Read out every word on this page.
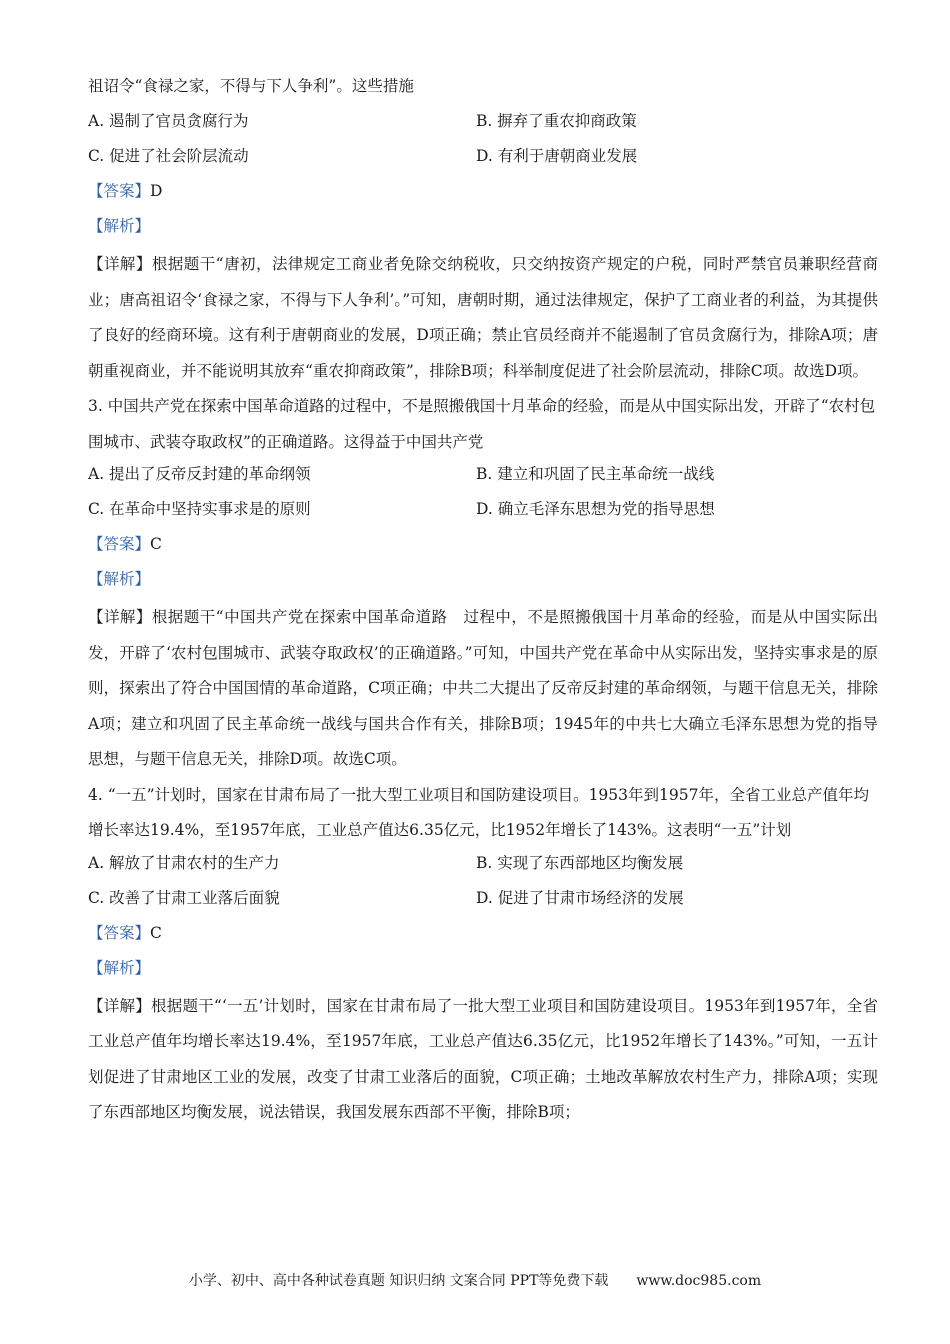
祖诏令“食禄之家，不得与下人争利”。这些措施
A. 遏制了官员贪腐行为	B. 摒弃了重农抑商政策
C. 促进了社会阶层流动	D. 有利于唐朝商业发展
【答案】D
【解析】
【详解】根据题干“唐初，法律规定工商业者免除交纳税收，只交纳按资产规定的户税，同时严禁官员兼职经营商业；唐高祖诏令‘食禄之家，不得与下人争利’。”可知，唐朝时期，通过法律规定，保护了工商业者的利益，为其提供了良好的经商环境。这有利于唐朝商业的发展，D项正确；禁止官员经商并不能遏制了官员贪腐行为，排除A项；唐朝重视商业，并不能说明其放弃“重农抑商政策”，排除B项；科举制度促进了社会阶层流动，排除C项。故选D项。
3. 中国共产党在探索中国革命道路的过程中，不是照搬俄国十月革命的经验，而是从中国实际出发，开辟了“农村包围城市、武装夺取政权”的正确道路。这得益于中国共产党
A. 提出了反帝反封建的革命纲领	B. 建立和巩固了民主革命统一战线
C. 在革命中坚持实事求是的原则	D. 确立毛泽东思想为党的指导思想
【答案】C
【解析】
【详解】根据题干“中国共产党在探索中国革命道路　过程中，不是照搬俄国十月革命的经验，而是从中国实际出发，开辟了‘农村包围城市、武装夺取政权’的正确道路。”可知，中国共产党在革命中从实际出发，坚持实事求是的原则，探索出了符合中国国情的革命道路，C项正确；中共二大提出了反帝反封建的革命纲领，与题干信息无关，排除A项；建立和巩固了民主革命统一战线与国共合作有关，排除B项；1945年的中共七大确立毛泽东思想为党的指导思想，与题干信息无关，排除D项。故选C项。
4. “一五”计划时，国家在甘肃布局了一批大型工业项目和国防建设项目。1953年到1957年，全省工业总产值年均增长率达19.4%，至1957年底，工业总产值达6.35亿元，比1952年增长了143%。这表明“一五”计划
A. 解放了甘肃农村的生产力	B. 实现了东西部地区均衡发展
C. 改善了甘肃工业落后面貌	D. 促进了甘肃市场经济的发展
【答案】C
【解析】
【详解】根据题干“‘一五’计划时，国家在甘肃布局了一批大型工业项目和国防建设项目。1953年到1957年，全省工业总产值年均增长率达19.4%，至1957年底，工业总产值达6.35亿元，比1952年增长了143%。”可知，一五计划促进了甘肃地区工业的发展，改变了甘肃工业落后的面貌，C项正确；土地改革解放农村生产力，排除A项；实现了东西部地区均衡发展，说法错误，我国发展东西部不平衡，排除B项；
小学、初中、高中各种试卷真题 知识归纳 文案合同 PPT等免费下载 www.doc985.com
